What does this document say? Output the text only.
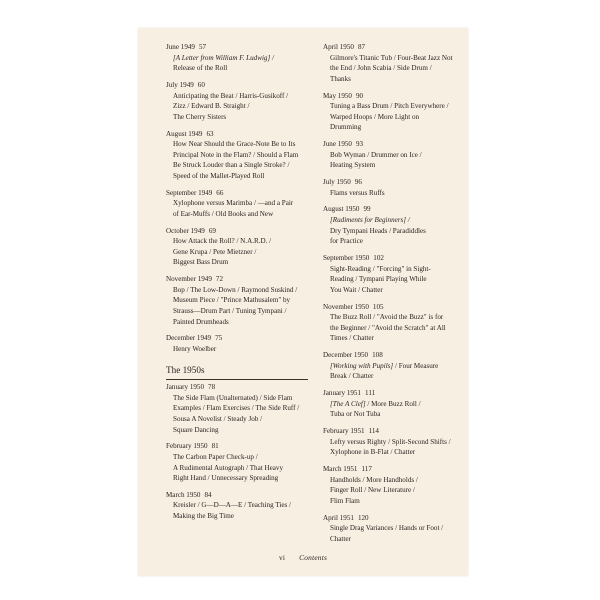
June 1949 57
[A Letter from William F. Ludwig] /
Release of the Roll
July 1949 60
Anticipating the Beat / Harris-Gusikoff /
Zizz / Edward B. Straight /
The Cherry Sisters
August 1949 63
How Near Should the Grace-Note Be to Its
Principal Note in the Flam? / Should a Flam
Be Struck Louder than a Single Stroke? /
Speed of the Mallet-Played Roll
September 1949 66
Xylophone versus Marimba / —and a Pair
of Ear-Muffs / Old Books and New
October 1949 69
How Attack the Roll? / N.A.R.D. /
Gene Krupa / Pete Mietzner /
Biggest Bass Drum
November 1949 72
Bop / The Low-Down / Raymond Suskind /
Museum Piece / "Prince Mathusalem" by
Strauss—Drum Part / Tuning Tympani /
Painted Drumheads
December 1949 75
Henry Woelber
The 1950s
January 1950 78
The Side Flam (Unalternated) / Side Flam
Examples / Flam Exercises / The Side Ruff /
Sousa A Novelist / Steady Job /
Square Dancing
February 1950 81
The Carbon Paper Check-up /
A Rudimental Autograph / That Heavy
Right Hand / Unnecessary Spreading
March 1950 84
Kreisler / G—D—A—E / Teaching Ties /
Making the Big Time
April 1950 87
Gilmore's Titanic Tub / Four-Beat Jazz Not
the End / John Scabia / Side Drum /
Thanks
May 1950 90
Tuning a Bass Drum / Pitch Everywhere /
Warped Hoops / More Light on
Drumming
June 1950 93
Bob Wyman / Drummer on Ice /
Heating System
July 1950 96
Flams versus Ruffs
August 1950 99
[Rudiments for Beginners] /
Dry Tympani Heads / Paradiddles
for Practice
September 1950 102
Sight-Reading / "Forcing" in Sight-
Reading / Tympani Playing While
You Wait / Chatter
November 1950 105
The Buzz Roll / "Avoid the Buzz" is for
the Beginner / "Avoid the Scratch" at All
Times / Chatter
December 1950 108
[Working with Pupils] / Four Measure
Break / Chatter
January 1951 111
[The A Clef] / More Buzz Roll /
Tuba or Not Tuba
February 1951 114
Lefty versus Righty / Split-Second Shifts /
Xylophone in B-Flat / Chatter
March 1951 117
Handholds / More Handholds /
Finger Roll / New Literature /
Flim Flam
April 1951 120
Single Drag Variances / Hands or Foot /
Chatter
vi Contents
